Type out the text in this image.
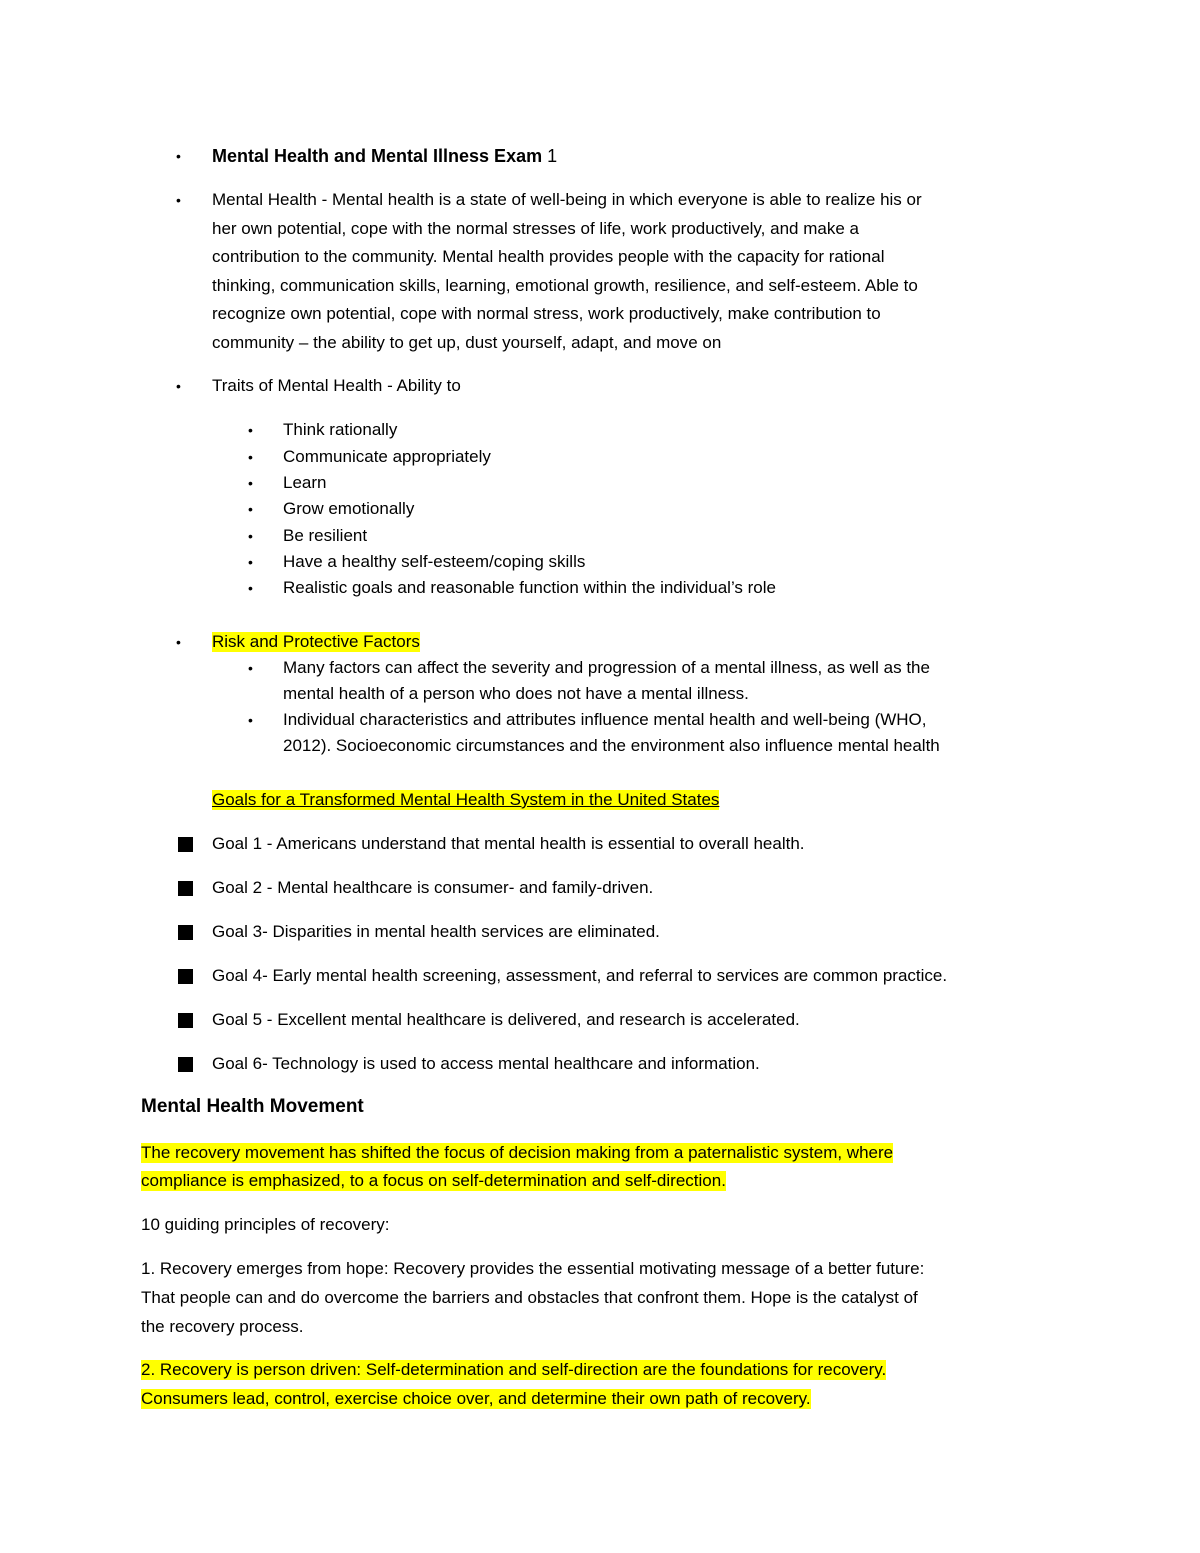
• Mental Health and Mental Illness Exam 1
• Mental Health - Mental health is a state of well-being in which everyone is able to realize his or
her own potential, cope with the normal stresses of life, work productively, and make a
contribution to the community. Mental health provides people with the capacity for rational
thinking, communication skills, learning, emotional growth, resilience, and self-esteem. Able to
recognize own potential, cope with normal stress, work productively, make contribution to
community – the ability to get up, dust yourself, adapt, and move on
• Traits of Mental Health - Ability to
• Think rationally
• Communicate appropriately
• Learn
• Grow emotionally
• Be resilient
• Have a healthy self-esteem/coping skills
• Realistic goals and reasonable function within the individual’s role
• Risk and Protective Factors
• Many factors can affect the severity and progression of a mental illness, as well as the
mental health of a person who does not have a mental illness.
• Individual characteristics and attributes influence mental health and well-being (WHO,
2012). Socioeconomic circumstances and the environment also influence mental health
Goals for a Transformed Mental Health System in the United States
Goal 1 - Americans understand that mental health is essential to overall health.
Goal 2 - Mental healthcare is consumer- and family-driven.
Goal 3- Disparities in mental health services are eliminated.
Goal 4- Early mental health screening, assessment, and referral to services are common practice.
Goal 5 - Excellent mental healthcare is delivered, and research is accelerated.
Goal 6- Technology is used to access mental healthcare and information.
Mental Health Movement
The recovery movement has shifted the focus of decision making from a paternalistic system, where
compliance is emphasized, to a focus on self-determination and self-direction.
10 guiding principles of recovery:
1. Recovery emerges from hope: Recovery provides the essential motivating message of a better future:
That people can and do overcome the barriers and obstacles that confront them. Hope is the catalyst of
the recovery process.
2. Recovery is person driven: Self-determination and self-direction are the foundations for recovery.
Consumers lead, control, exercise choice over, and determine their own path of recovery.
